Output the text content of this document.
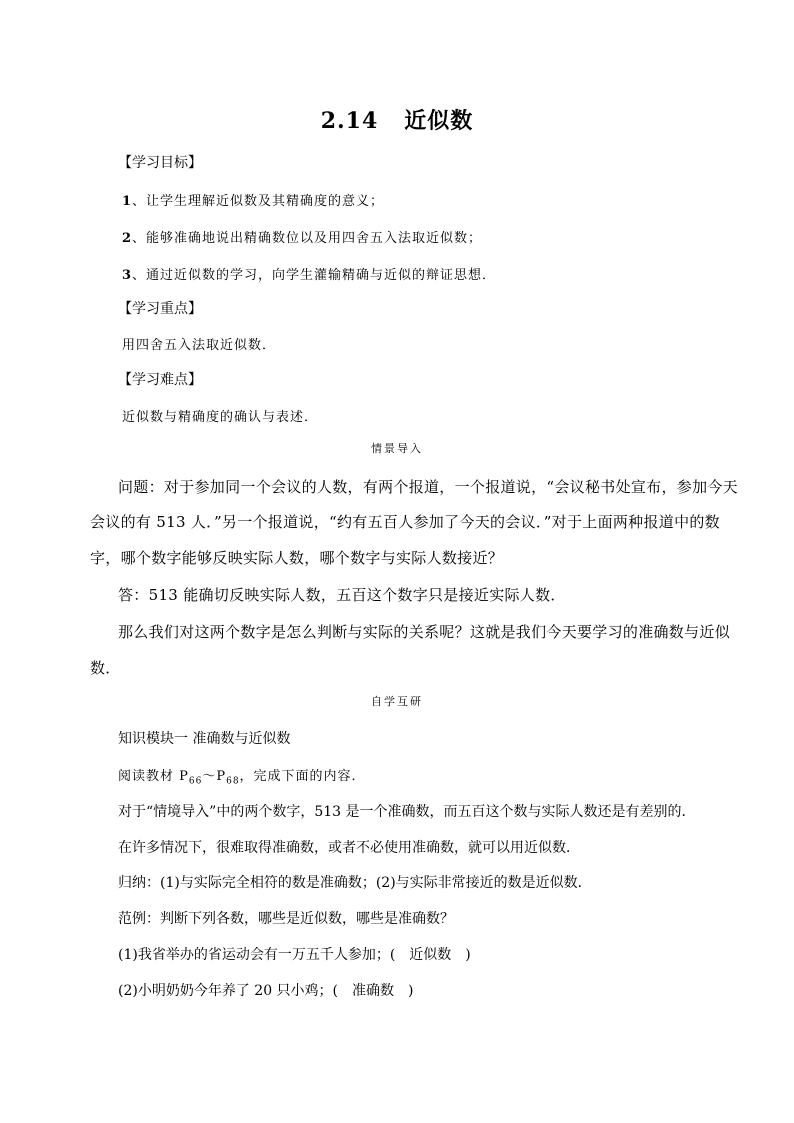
2.14 近似数
【学习目标】
1、让学生理解近似数及其精确度的意义；
2、能够准确地说出精确数位以及用四舍五入法取近似数；
3、通过近似数的学习，向学生灌输精确与近似的辩证思想．
【学习重点】
用四舍五入法取近似数．
【学习难点】
近似数与精确度的确认与表述．
情景导入
问题：对于参加同一个会议的人数，有两个报道，一个报道说，“会议秘书处宣布，参加今天
会议的有 513 人．”另一个报道说，“约有五百人参加了今天的会议．”对于上面两种报道中的数
字，哪个数字能够反映实际人数，哪个数字与实际人数接近？
答：513 能确切反映实际人数，五百这个数字只是接近实际人数．
那么我们对这两个数字是怎么判断与实际的关系呢？这就是我们今天要学习的准确数与近似
数．
自学互研
知识模块一 准确数与近似数
阅读教材 $P_{66}\sim P_{68}$，完成下面的内容．
对于“情境导入”中的两个数字，513 是一个准确数，而五百这个数与实际人数还是有差别的．
在许多情况下，很难取得准确数，或者不必使用准确数，就可以用近似数．
归纳：(1)与实际完全相符的数是准确数；(2)与实际非常接近的数是近似数．
范例：判断下列各数，哪些是近似数，哪些是准确数？
(1)我省举办的省运动会有一万五千人参加；(　近似数　)
(2)小明奶奶今年养了 20 只小鸡；(　准确数　)
